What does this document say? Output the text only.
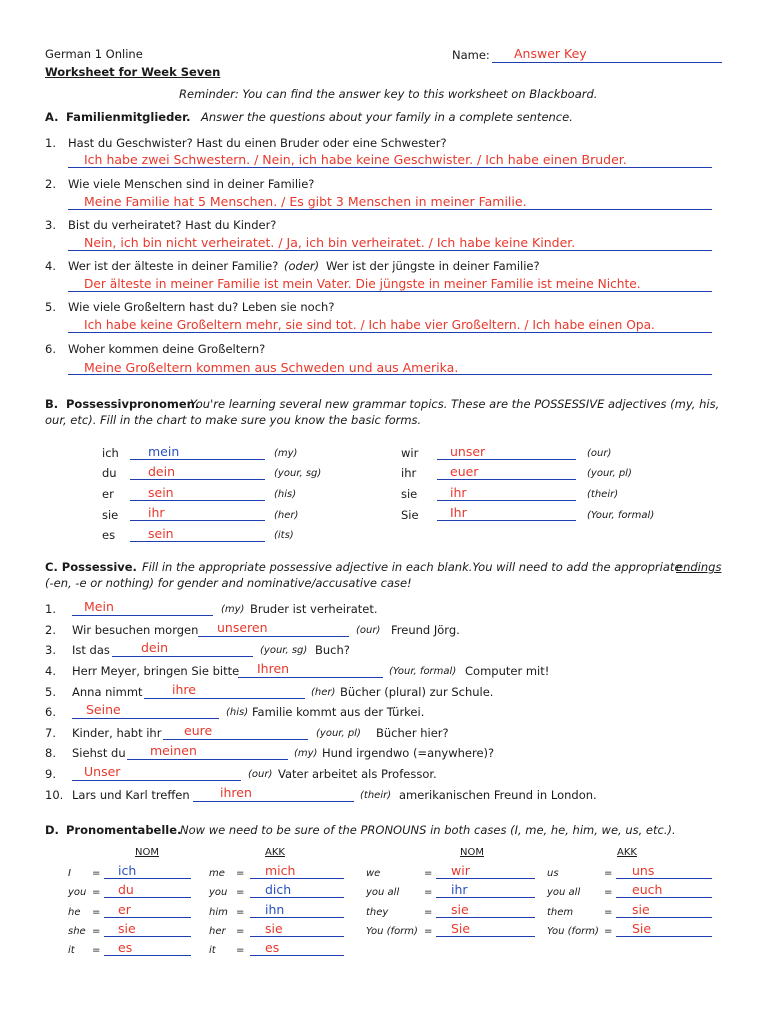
German 1 Online
Worksheet for Week Seven
Name: Answer Key
Reminder: You can find the answer key to this worksheet on Blackboard.
A. Familienmitglieder. Answer the questions about your family in a complete sentence.
1. Hast du Geschwister? Hast du einen Bruder oder eine Schwester?
Ich habe zwei Schwestern. / Nein, ich habe keine Geschwister. / Ich habe einen Bruder.
2. Wie viele Menschen sind in deiner Familie?
Meine Familie hat 5 Menschen. / Es gibt 3 Menschen in meiner Familie.
3. Bist du verheiratet? Hast du Kinder?
Nein, ich bin nicht verheiratet. / Ja, ich bin verheiratet. / Ich habe keine Kinder.
4. Wer ist der älteste in deiner Familie? (oder) Wer ist der jüngste in deiner Familie?
Der älteste in meiner Familie ist mein Vater. Die jüngste in meiner Familie ist meine Nichte.
5. Wie viele Großeltern hast du? Leben sie noch?
Ich habe keine Großeltern mehr, sie sind tot. / Ich habe vier Großeltern. / Ich habe einen Opa.
6. Woher kommen deine Großeltern?
Meine Großeltern kommen aus Schweden und aus Amerika.
B. Possessivpronomen.
You're learning several new grammar topics. These are the POSSESSIVE adjectives (my, his,
our, etc). Fill in the chart to make sure you know the basic forms.
ich mein	(my)
du	dein	(your, sg)
er	sein	(his)
sie ihr	(her)
es	sein	(its)
wir	unser	(our)
ihr	euer	(your, pl)
sie	ihr	(their)
Sie	Ihr	(Your, formal)
C. Possessive. Fill in the appropriate possessive adjective in each blank.You will need to add the appropriate
endings
(-en, -e or nothing) for gender and nominative/accusative case!
1. Mein	(my) Bruder ist verheiratet.
2. Wir besuchen morgen unseren	(our) Freund Jörg.
3. Ist das dein	(your, sg) Buch?
4. Herr Meyer, bringen Sie bitte Ihren	(Your, formal) Computer mit!
5. Anna nimmt ihre	(her) Bücher (plural) zur Schule.
6. Seine	(his) Familie kommt aus der Türkei.
7. Kinder, habt ihr eure	(your, pl) Bücher hier?
8. Siehst du meinen	(my) Hund irgendwo (=anywhere)?
9. Unser	(our) Vater arbeitet als Professor.
10. Lars und Karl treffen ihren	(their) amerikanischen Freund in London.
D. Pronomentabelle.
Now we need to be sure of the PRONOUNS in both cases (I, me, he, him, we, us, etc.).
NOM	AKK	NOM	AKK
I = ich	me = mich	we	= wir	us	= uns
you = du	you = dich	you all = ihr	you all = euch
he = er	him = ihn	they	= sie	them	= sie
she = sie	her = sie	You (form) = Sie	You (form) = Sie
it = es	it = es
